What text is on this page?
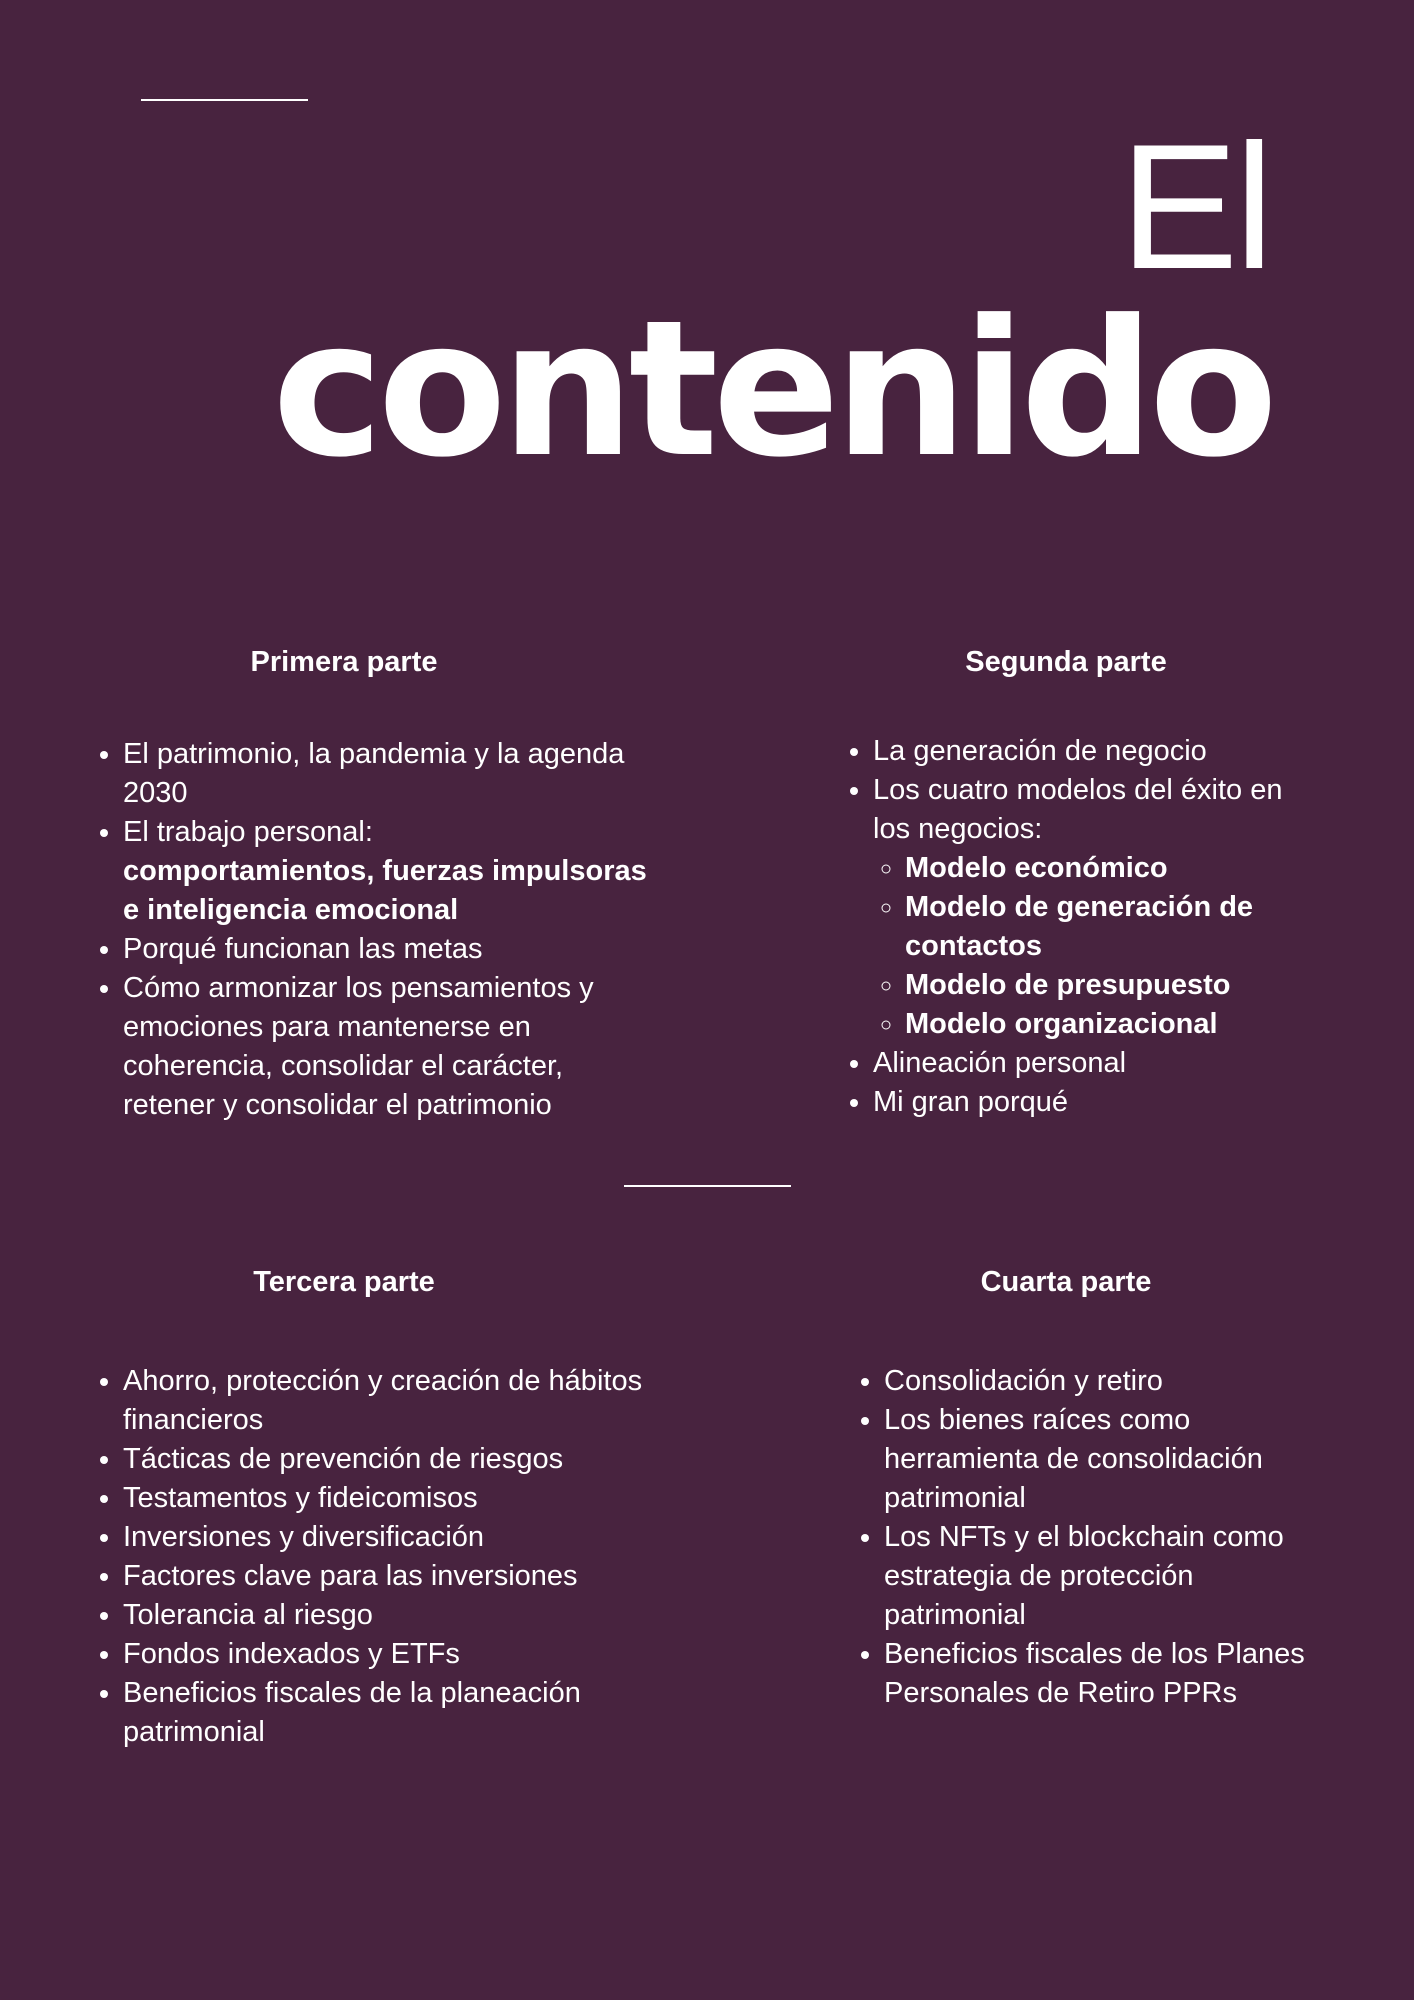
El
contenido
Primera parte
• El patrimonio, la pandemia y la agenda 2030
• El trabajo personal:
comportamientos, fuerzas impulsoras e inteligencia emocional
• Porqué funcionan las metas
• Cómo armonizar los pensamientos y emociones para mantenerse en coherencia, consolidar el carácter, retener y consolidar el patrimonio
Segunda parte
• La generación de negocio
• Los cuatro modelos del éxito en los negocios:
◦ Modelo económico
◦ Modelo de generación de contactos
◦ Modelo de presupuesto
◦ Modelo organizacional
• Alineación personal
• Mi gran porqué
Tercera parte
• Ahorro, protección y creación de hábitos financieros
• Tácticas de prevención de riesgos
• Testamentos y fideicomisos
• Inversiones y diversificación
• Factores clave para las inversiones
• Tolerancia al riesgo
• Fondos indexados y ETFs
• Beneficios fiscales de la planeación patrimonial
Cuarta parte
• Consolidación y retiro
• Los bienes raíces como herramienta de consolidación patrimonial
• Los NFTs y el blockchain como estrategia de protección patrimonial
• Beneficios fiscales de los Planes Personales de Retiro PPRs
